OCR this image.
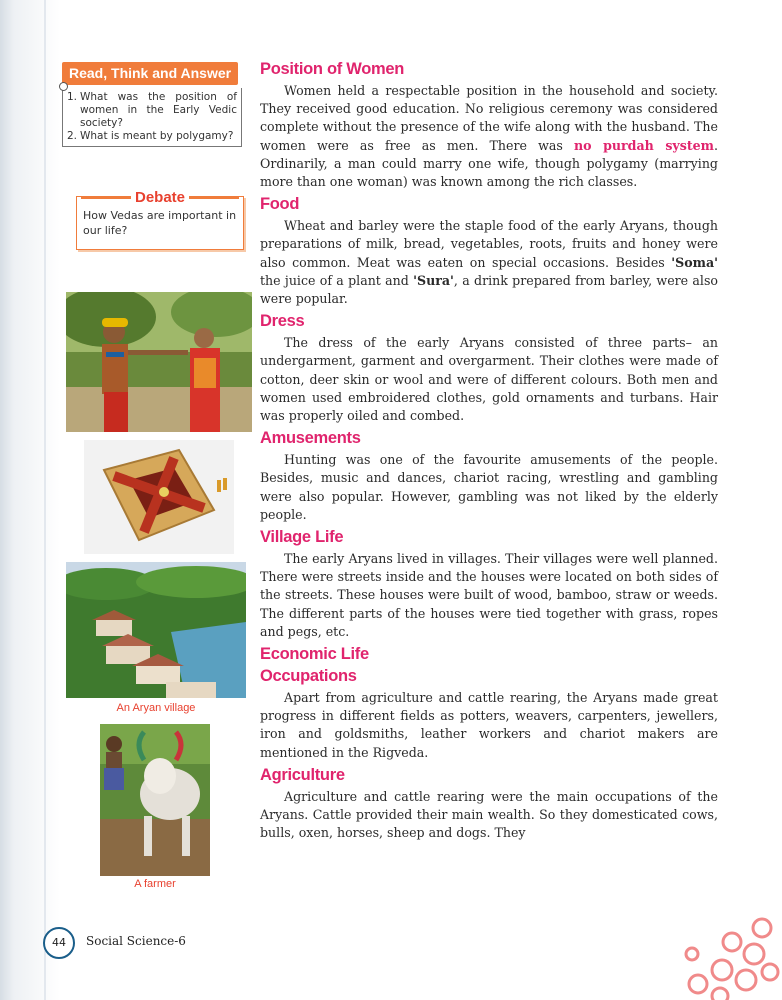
Read, Think and Answer
1. What was the position of women in the Early Vedic society?
2. What is meant by polygamy?
Debate
How Vedas are important in our life?
An Aryan village
A farmer
Position of Women

Women held a respectable position in the household and society. They received good education. No religious ceremony was considered complete without the presence of the wife along with the husband. The women were as free as men. There was no purdah system. Ordinarily, a man could marry one wife, though polygamy (marrying more than one woman) was known among the rich classes.

Food

Wheat and barley were the staple food of the early Aryans, though preparations of milk, bread, vegetables, roots, fruits and honey were also common. Meat was eaten on special occasions. Besides 'Soma' the juice of a plant and 'Sura', a drink prepared from barley, were also were popular.

Dress

The dress of the early Aryans consisted of three parts– an undergarment, garment and overgarment. Their clothes were made of cotton, deer skin or wool and were of different colours. Both men and women used embroidered clothes, gold ornaments and turbans. Hair was properly oiled and combed.

Amusements

Hunting was one of the favourite amusements of the people. Besides, music and dances, chariot racing, wrestling and gambling were also popular. However, gambling was not liked by the elderly people.

Village Life

The early Aryans lived in villages. Their villages were well planned. There were streets inside and the houses were located on both sides of the streets. These houses were built of wood, bamboo, straw or weeds. The different parts of the houses were tied together with grass, ropes and pegs, etc.

Economic Life
Occupations

Apart from agriculture and cattle rearing, the Aryans made great progress in different fields as potters, weavers, carpenters, jewellers, iron and goldsmiths, leather workers and chariot makers are mentioned in the Rigveda.

Agriculture

Agriculture and cattle rearing were the main occupations of the Aryans. Cattle provided their main wealth. So they domesticated cows, bulls, oxen, horses, sheep and dogs. They

44	Social Science-6
